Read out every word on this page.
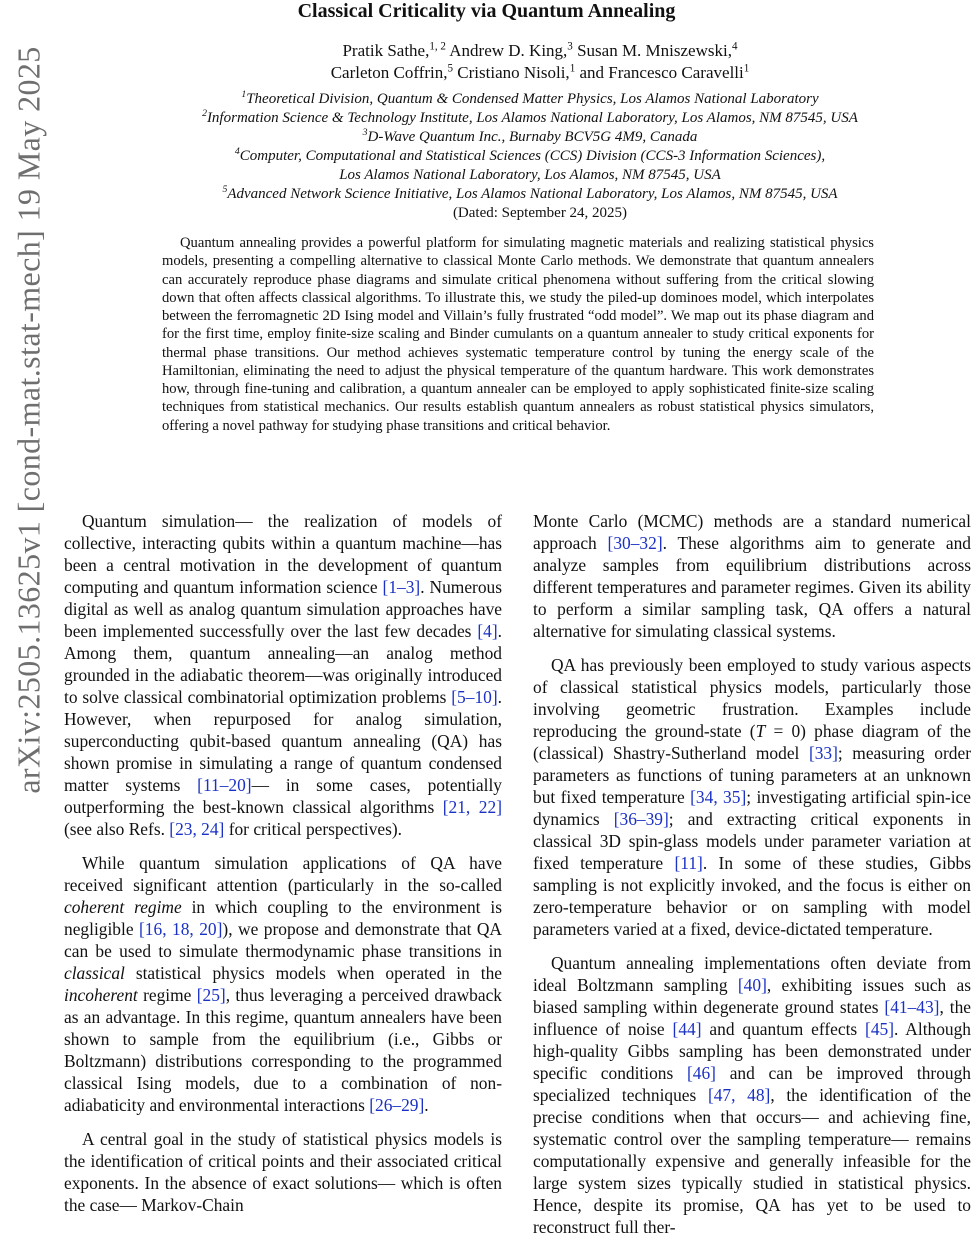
arXiv:2505.13625v1 [cond-mat.stat-mech] 19 May 2025
Classical Criticality via Quantum Annealing
Pratik Sathe,$^{1, 2}$ Andrew D. King,$^3$ Susan M. Mniszewski,$^4$
Carleton Coffrin,$^5$ Cristiano Nisoli,$^1$ and Francesco Caravelli$^1$
$^1$Theoretical Division, Quantum & Condensed Matter Physics, Los Alamos National Laboratory
$^2$Information Science & Technology Institute, Los Alamos National Laboratory, Los Alamos, NM 87545, USA
$^3$D-Wave Quantum Inc., Burnaby BCV5G 4M9, Canada
$^4$Computer, Computational and Statistical Sciences (CCS) Division (CCS-3 Information Sciences),
Los Alamos National Laboratory, Los Alamos, NM 87545, USA
$^5$Advanced Network Science Initiative, Los Alamos National Laboratory, Los Alamos, NM 87545, USA
(Dated: September 24, 2025)

Quantum annealing provides a powerful platform for simulating magnetic materials and realizing statistical physics models, presenting a compelling alternative to classical Monte Carlo methods. We demonstrate that quantum annealers can accurately reproduce phase diagrams and simulate critical phenomena without suffering from the critical slowing down that often affects classical algorithms. To illustrate this, we study the piled-up dominoes model, which interpolates between the ferromagnetic 2D Ising model and Villain’s fully frustrated “odd model”. We map out its phase diagram and for the first time, employ finite-size scaling and Binder cumulants on a quantum annealer to study critical exponents for thermal phase transitions. Our method achieves systematic temperature control by tuning the energy scale of the Hamiltonian, eliminating the need to adjust the physical temperature of the quantum hardware. This work demonstrates how, through fine-tuning and calibration, a quantum annealer can be employed to apply sophisticated finite-size scaling techniques from statistical mechanics. Our results establish quantum annealers as robust statistical physics simulators, offering a novel pathway for studying phase transitions and critical behavior.

Quantum simulation— the realization of models of collective, interacting qubits within a quantum machine—has been a central motivation in the development of quantum computing and quantum information science [1–3]. Numerous digital as well as analog quantum simulation approaches have been implemented successfully over the last few decades [4]. Among them, quantum annealing—an analog method grounded in the adiabatic theorem—was originally introduced to solve classical combinatorial optimization problems [5–10]. However, when repurposed for analog simulation, superconducting qubit-based quantum annealing (QA) has shown promise in simulating a range of quantum condensed matter systems [11–20]— in some cases, potentially outperforming the best-known classical algorithms [21, 22] (see also Refs. [23, 24] for critical perspectives).

While quantum simulation applications of QA have received significant attention (particularly in the so-called coherent regime in which coupling to the environment is negligible [16, 18, 20]), we propose and demonstrate that QA can be used to simulate thermodynamic phase transitions in classical statistical physics models when operated in the incoherent regime [25], thus leveraging a perceived drawback as an advantage. In this regime, quantum annealers have been shown to sample from the equilibrium (i.e., Gibbs or Boltzmann) distributions corresponding to the programmed classical Ising models, due to a combination of non-adiabaticity and environmental interactions [26–29].

A central goal in the study of statistical physics models is the identification of critical points and their associated critical exponents. In the absence of exact solutions— which is often the case— Markov-Chain

Monte Carlo (MCMC) methods are a standard numerical approach [30–32]. These algorithms aim to generate and analyze samples from equilibrium distributions across different temperatures and parameter regimes. Given its ability to perform a similar sampling task, QA offers a natural alternative for simulating classical systems.

QA has previously been employed to study various aspects of classical statistical physics models, particularly those involving geometric frustration. Examples include reproducing the ground-state (T = 0) phase diagram of the (classical) Shastry-Sutherland model [33]; measuring order parameters as functions of tuning parameters at an unknown but fixed temperature [34, 35]; investigating artificial spin-ice dynamics [36–39]; and extracting critical exponents in classical 3D spin-glass models under parameter variation at fixed temperature [11]. In some of these studies, Gibbs sampling is not explicitly invoked, and the focus is either on zero-temperature behavior or on sampling with model parameters varied at a fixed, device-dictated temperature.

Quantum annealing implementations often deviate from ideal Boltzmann sampling [40], exhibiting issues such as biased sampling within degenerate ground states [41–43], the influence of noise [44] and quantum effects [45]. Although high-quality Gibbs sampling has been demonstrated under specific conditions [46] and can be improved through specialized techniques [47, 48], the identification of the precise conditions when that occurs— and achieving fine, systematic control over the sampling temperature— remains computationally expensive and generally infeasible for the large system sizes typically studied in statistical physics. Hence, despite its promise, QA has yet to be used to reconstruct full ther-
